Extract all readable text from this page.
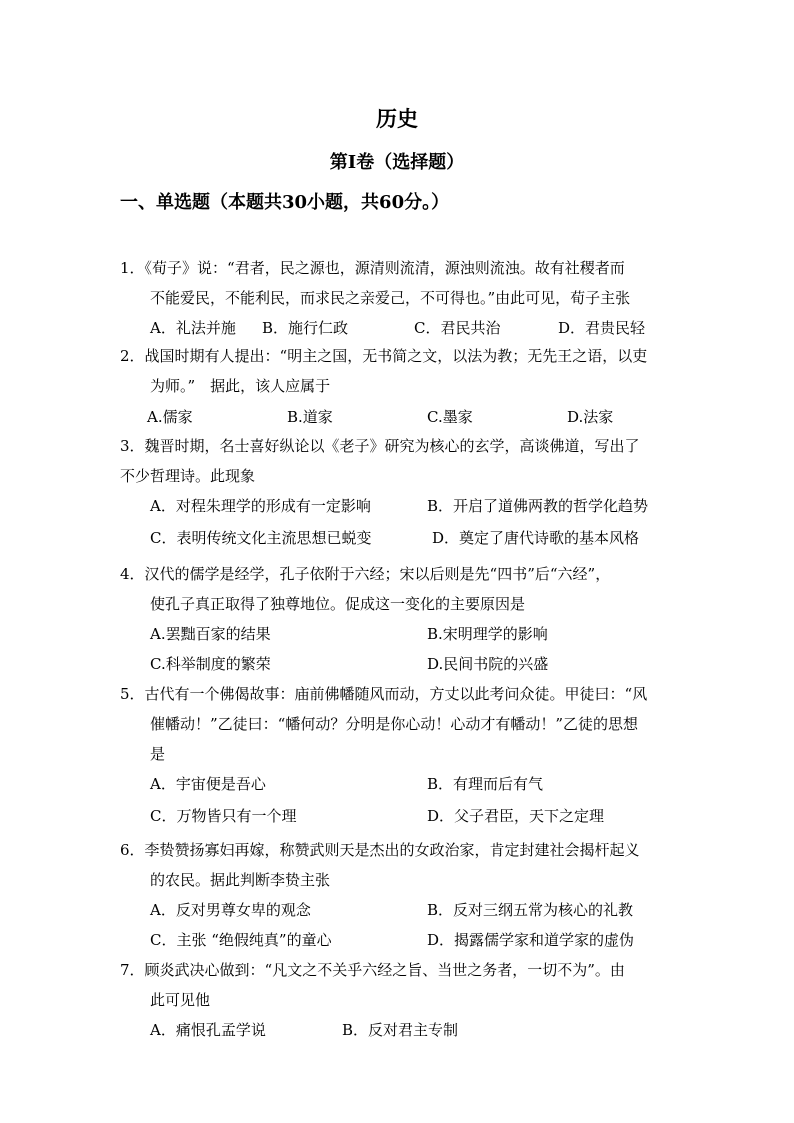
历史
第I卷（选择题）
一、单选题（本题共30小题，共60分。）
1．《荀子》说：“君者，民之源也，源清则流清，源浊则流浊。故有社稷者而
不能爱民，不能利民，而求民之亲爱己，不可得也。”由此可见，荀子主张
A．礼法并施 B．施行仁政	C．君民共治	D．君贵民轻
2．战国时期有人提出：“明主之国，无书简之文，以法为教；无先王之语，以吏
为师。”　据此，该人应属于
A.儒家	B.道家	C.墨家	D.法家
3．魏晋时期，名士喜好纵论以《老子》研究为核心的玄学，高谈佛道，写出了
不少哲理诗。此现象
A．对程朱理学的形成有一定影响	B．开启了道佛两教的哲学化趋势
C．表明传统文化主流思想已蜕变	D．奠定了唐代诗歌的基本风格
4．汉代的儒学是经学，孔子依附于六经；宋以后则是先“四书”后“六经”，
使孔子真正取得了独尊地位。促成这一变化的主要原因是
A.罢黜百家的结果	B.宋明理学的影响
C.科举制度的繁荣	D.民间书院的兴盛
5．古代有一个佛偈故事：庙前佛幡随风而动，方丈以此考问众徒。甲徒曰：“风
催幡动！”乙徒曰：“幡何动？分明是你心动！心动才有幡动！”乙徒的思想
是
A．宇宙便是吾心	B．有理而后有气
C．万物皆只有一个理	D．父子君臣，天下之定理
6．李贽赞扬寡妇再嫁，称赞武则天是杰出的女政治家，肯定封建社会揭杆起义
的农民。据此判断李贽主张
A．反对男尊女卑的观念	B．反对三纲五常为核心的礼教
C．主张 “绝假纯真”的童心	D．揭露儒学家和道学家的虚伪
7．顾炎武决心做到：“凡文之不关乎六经之旨、当世之务者，一切不为”。由
此可见他
A．痛恨孔孟学说	B．反对君主专制
